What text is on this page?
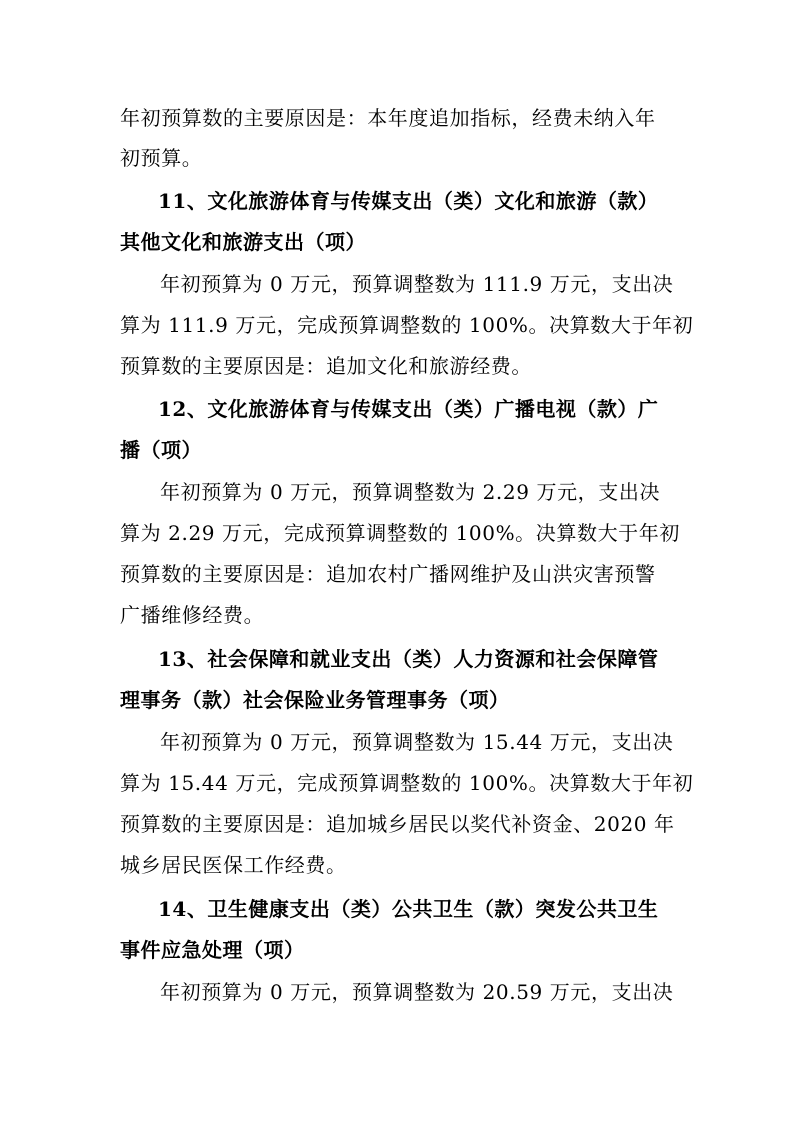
年初预算数的主要原因是：本年度追加指标，经费未纳入年
初预算。
11、文化旅游体育与传媒支出（类）文化和旅游（款）
其他文化和旅游支出（项）
年初预算为 0 万元，预算调整数为 111.9 万元，支出决
算为 111.9 万元，完成预算调整数的 100%。决算数大于年初
预算数的主要原因是：追加文化和旅游经费。
12、文化旅游体育与传媒支出（类）广播电视（款）广
播（项）
年初预算为 0 万元，预算调整数为 2.29 万元，支出决
算为 2.29 万元，完成预算调整数的 100%。决算数大于年初
预算数的主要原因是：追加农村广播网维护及山洪灾害预警
广播维修经费。
13、社会保障和就业支出（类）人力资源和社会保障管
理事务（款）社会保险业务管理事务（项）
年初预算为 0 万元，预算调整数为 15.44 万元，支出决
算为 15.44 万元，完成预算调整数的 100%。决算数大于年初
预算数的主要原因是：追加城乡居民以奖代补资金、2020 年
城乡居民医保工作经费。
14、卫生健康支出（类）公共卫生（款）突发公共卫生
事件应急处理（项）
年初预算为 0 万元，预算调整数为 20.59 万元，支出决
